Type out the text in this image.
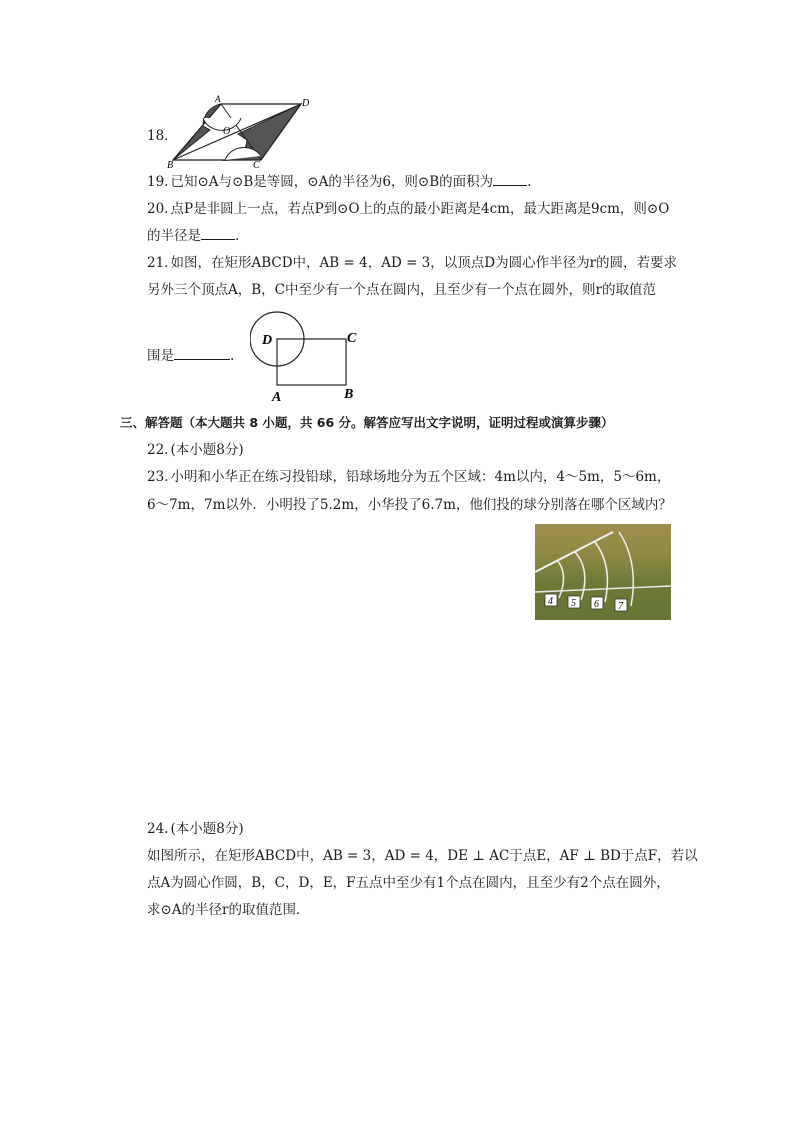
18.
A	D
O
B	C
19. 已知⊙A与⊙B是等圆，⊙A的半径为6，则⊙B的面积为	.
20. 点P是非圆上一点，若点P到⊙O上的点的最小距离是4cm，最大距离是9cm，则⊙O
的半径是	.
21. 如图，在矩形ABCD中，AB = 4，AD = 3，以顶点D为圆心作半径为r的圆，若要求
另外三个顶点A，B，C中至少有一个点在圆内，且至少有一个点在圆外，则r的取值范
围是	.
D	C
A	B
三、解答题（本大题共 8 小题，共 66 分。解答应写出文字说明，证明过程或演算步骤）
22. (本小题8分)
23. 小明和小华正在练习投铅球，铅球场地分为五个区域：4m以内，4～5m，5～6m，
6～7m，7m以外．小明投了5.2m，小华投了6.7m，他们投的球分别落在哪个区域内？
4 5 6 7
24. (本小题8分)
如图所示，在矩形ABCD中，AB = 3，AD = 4，DE ⊥ AC于点E，AF ⊥ BD于点F，若以
点A为圆心作圆，B，C，D，E，F五点中至少有1个点在圆内，且至少有2个点在圆外，
求⊙A的半径r的取值范围．
